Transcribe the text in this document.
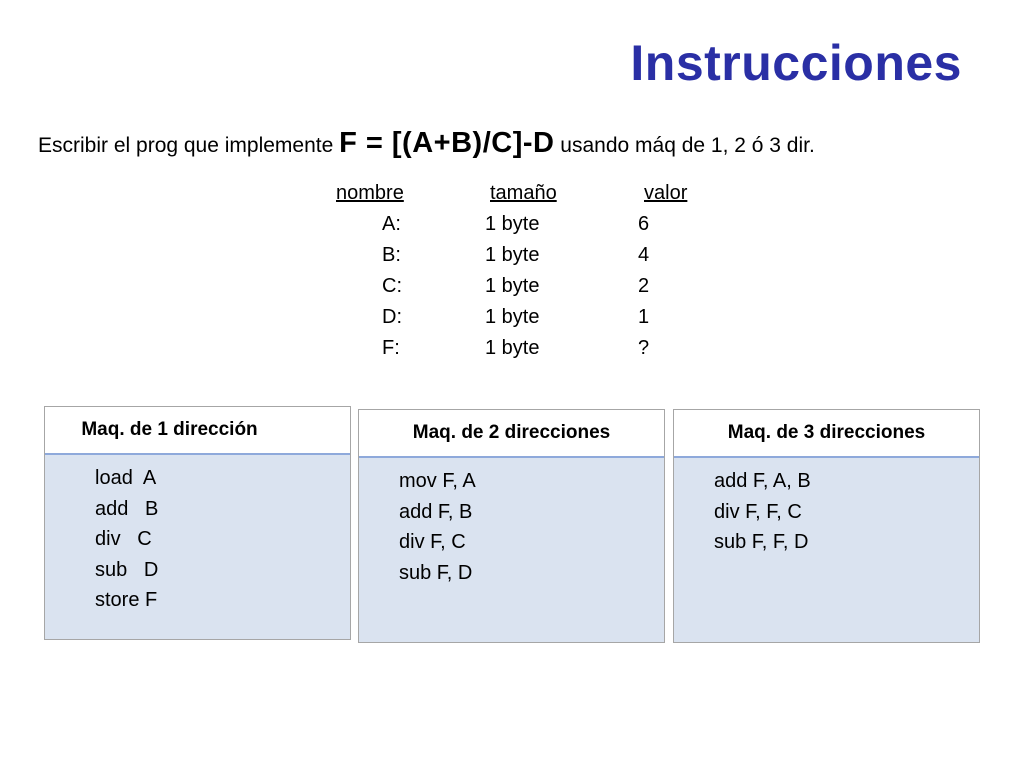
Instrucciones
Escribir el prog que implemente F = [(A+B)/C]-D usando máq de 1, 2 ó 3 dir.
nombre	tamaño	valor
A:	1 byte	6
B:	1 byte	4
C:	1 byte	2
D:	1 byte	1
F:	1 byte	?
Maq. de 1 dirección
load  A
add   B
div   C
sub   D
store F
Maq. de 2 direcciones
mov F, A
add F, B
div F, C
sub F, D
Maq. de 3 direcciones
add F, A, B
div F, F, C
sub F, F, D
